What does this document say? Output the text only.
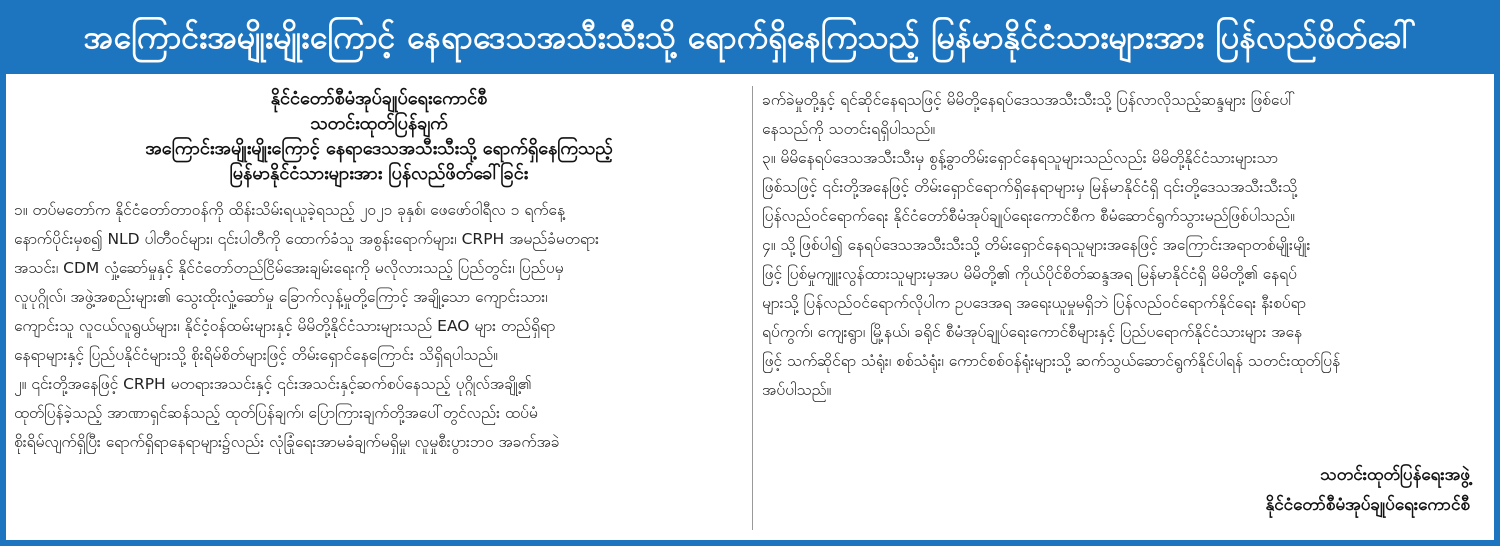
အကြောင်းအမျိုးမျိုးကြောင့် နေရာဒေသအသီးသီးသို့ ရောက်ရှိနေကြသည့် မြန်မာနိုင်ငံသားများအား ပြန်လည်ဖိတ်ခေါ်
နိုင်ငံတော်စီမံအုပ်ချုပ်ရေးကောင်စီ
သတင်းထုတ်ပြန်ချက်
အကြောင်းအမျိုးမျိုးကြောင့် နေရာဒေသအသီးသီးသို့ ရောက်ရှိနေကြသည့်
မြန်မာနိုင်ငံသားများအား ပြန်လည်ဖိတ်ခေါ်ခြင်း
၁။ တပ်မတော်က နိုင်ငံတော်တာဝန်ကို ထိန်းသိမ်းရယူခဲ့ရသည့် ၂၀၂၁ ခုနှစ်၊ ဖေဖော်ဝါရီလ ၁ ရက်နေ့
နောက်ပိုင်းမှစ၍ NLD ပါတီဝင်များ၊ ၎င်းပါတီကို ထောက်ခံသူ အစွန်းရောက်များ၊ CRPH အမည်ခံမတရား
အသင်း၊ CDM လှုံ့ဆော်မှုနှင့် နိုင်ငံတော်တည်ငြိမ်အေးချမ်းရေးကို မလိုလားသည့် ပြည်တွင်း၊ ပြည်ပမှ
လူပုဂ္ဂိုလ်၊ အဖွဲ့အစည်းများ၏ သွေးထိုးလှုံ့ဆော်မှု ခြောက်လှန့်မှုတို့ကြောင့် အချို့သော ကျောင်းသား၊
ကျောင်းသူ လူငယ်လူရွယ်များ၊ နိုင်ငံ့ဝန်ထမ်းများနှင့် မိမိတို့နိုင်ငံသားများသည် EAO များ တည်ရှိရာ
နေရာများနှင့် ပြည်ပနိုင်ငံများသို့ စိုးရိမ်စိတ်များဖြင့် တိမ်းရှောင်နေကြောင်း သိရှိရပါသည်။
၂။ ၎င်းတို့အနေဖြင့် CRPH မတရားအသင်းနှင့် ၎င်းအသင်းနှင့်ဆက်စပ်နေသည့် ပုဂ္ဂိုလ်အချို့၏
ထုတ်ပြန်ခဲ့သည့် အာဏာရှင်ဆန်သည့် ထုတ်ပြန်ချက်၊ ပြောကြားချက်တို့အပေါ်တွင်လည်း ထပ်မံ
စိုးရိမ်လျက်ရှိပြီး ရောက်ရှိရာနေရာများ၌လည်း လုံခြုံရေးအာမခံချက်မရှိမှု၊ လူမှုစီးပွားဘဝ အခက်အခဲ
ခက်ခဲမှုတို့နှင့် ရင်ဆိုင်နေရသဖြင့် မိမိတို့နေရပ်ဒေသအသီးသီးသို့ ပြန်လာလိုသည့်ဆန္ဒများ ဖြစ်ပေါ်
နေသည်ကို သတင်းရရှိပါသည်။
၃။ မိမိနေရပ်ဒေသအသီးသီးမှ စွန့်ခွာတိမ်းရှောင်နေရသူများသည်လည်း မိမိတို့နိုင်ငံသားများသာ
ဖြစ်သဖြင့် ၎င်းတို့အနေဖြင့် တိမ်းရှောင်ရောက်ရှိနေရာများမှ မြန်မာနိုင်ငံရှိ ၎င်းတို့ဒေသအသီးသီးသို့
ပြန်လည်ဝင်ရောက်ရေး နိုင်ငံတော်စီမံအုပ်ချုပ်ရေးကောင်စီက စီမံဆောင်ရွက်သွားမည်ဖြစ်ပါသည်။
၄။ သို့ဖြစ်ပါ၍ နေရပ်ဒေသအသီးသီးသို့ တိမ်းရှောင်နေရသူများအနေဖြင့် အကြောင်းအရာတစ်မျိုးမျိုး
ဖြင့် ပြစ်မှုကျူးလွန်ထားသူများမှအပ မိမိတို့၏ ကိုယ်ပိုင်စိတ်ဆန္ဒအရ မြန်မာနိုင်ငံရှိ မိမိတို့၏ နေရပ်
များသို့ ပြန်လည်ဝင်ရောက်လိုပါက ဥပဒေအရ အရေးယူမှုမရှိဘဲ ပြန်လည်ဝင်ရောက်နိုင်ရေး နီးစပ်ရာ
ရပ်ကွက်၊ ကျေးရွာ၊ မြို့နယ်၊ ခရိုင် စီမံအုပ်ချုပ်ရေးကောင်စီများနှင့် ပြည်ပရောက်နိုင်ငံသားများ အနေ
ဖြင့် သက်ဆိုင်ရာ သံရုံး၊ စစ်သံရုံး၊ ကောင်စစ်ဝန်ရုံးများသို့ ဆက်သွယ်ဆောင်ရွက်နိုင်ပါရန် သတင်းထုတ်ပြန်
အပ်ပါသည်။
သတင်းထုတ်ပြန်ရေးအဖွဲ့
နိုင်ငံတော်စီမံအုပ်ချုပ်ရေးကောင်စီ
